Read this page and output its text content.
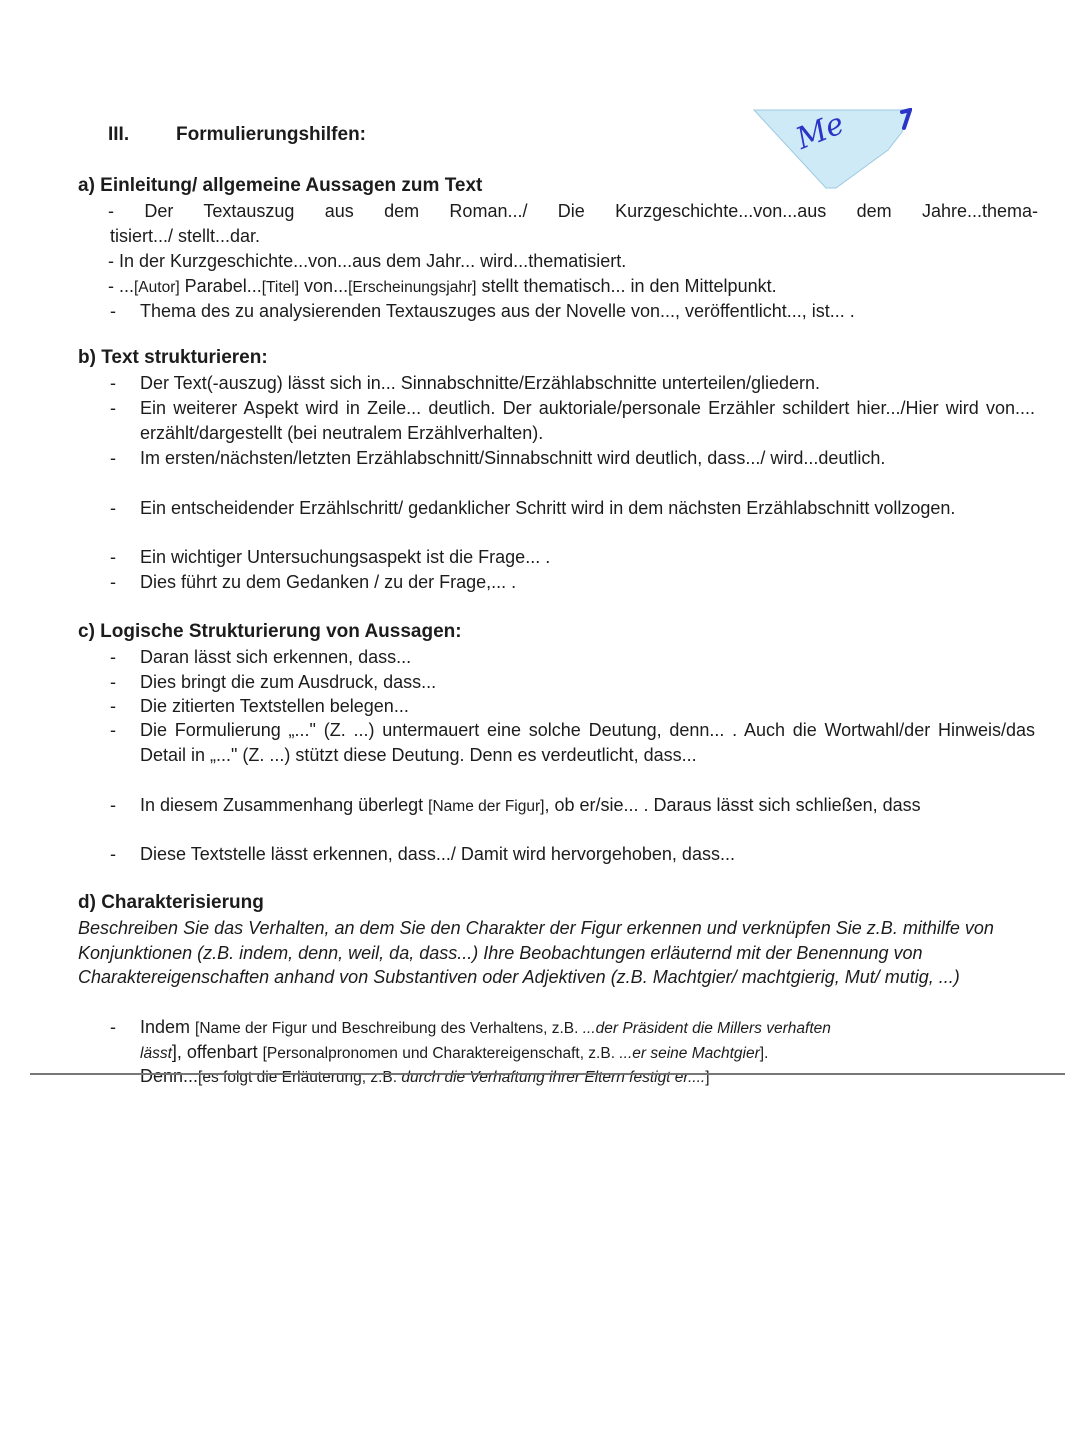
III. Formulierungshilfen:	Me
a) Einleitung/ allgemeine Aussagen zum Text
- Der Textauszug aus dem Roman.../ Die Kurzgeschichte...von...aus dem Jahre...thema-
tisiert.../ stellt...dar.
- In der Kurzgeschichte...von...aus dem Jahr... wird...thematisiert.
- ...[Autor] Parabel...[Titel] von...[Erscheinungsjahr] stellt thematisch... in den Mittelpunkt.
- Thema des zu analysierenden Textauszuges aus der Novelle von..., veröffentlicht..., ist... .
b) Text strukturieren:
- Der Text(-auszug) lässt sich in... Sinnabschnitte/Erzählabschnitte unterteilen/gliedern.
- Ein weiterer Aspekt wird in Zeile... deutlich. Der auktoriale/personale Erzähler schildert hier.../Hier wird von.... erzählt/dargestellt (bei neutralem Erzählverhalten).
- Im ersten/nächsten/letzten Erzählabschnitt/Sinnabschnitt wird deutlich, dass.../ wird...deutlich.
- Ein entscheidender Erzählschritt/ gedanklicher Schritt wird in dem nächsten Erzählabschnitt vollzogen.
- Ein wichtiger Untersuchungsaspekt ist die Frage... .
- Dies führt zu dem Gedanken / zu der Frage,... .
c) Logische Strukturierung von Aussagen:
- Daran lässt sich erkennen, dass...
- Dies bringt die zum Ausdruck, dass...
- Die zitierten Textstellen belegen...
- Die Formulierung „..." (Z. ...) untermauert eine solche Deutung, denn... . Auch die Wortwahl/der Hinweis/das Detail in „..." (Z. ...) stützt diese Deutung. Denn es verdeutlicht, dass...
- In diesem Zusammenhang überlegt [Name der Figur], ob er/sie... . Daraus lässt sich schließen, dass
- Diese Textstelle lässt erkennen, dass.../ Damit wird hervorgehoben, dass...
d) Charakterisierung
Beschreiben Sie das Verhalten, an dem Sie den Charakter der Figur erkennen und verknüpfen Sie z.B. mithilfe von Konjunktionen (z.B. indem, denn, weil, da, dass...) Ihre Beobachtungen erläuternd mit der Benennung von Charaktereigenschaften anhand von Substantiven oder Adjektiven (z.B. Machtgier/ machtgierig, Mut/ mutig, ...)
- Indem [Name der Figur und Beschreibung des Verhaltens, z.B. ...der Präsident die Millers verhaften
lässt], offenbart [Personalpronomen und Charaktereigenschaft, z.B. ...er seine Machtgier].
Denn...[es folgt die Erläuterung, z.B. durch die Verhaftung ihrer Eltern festigt er....]
